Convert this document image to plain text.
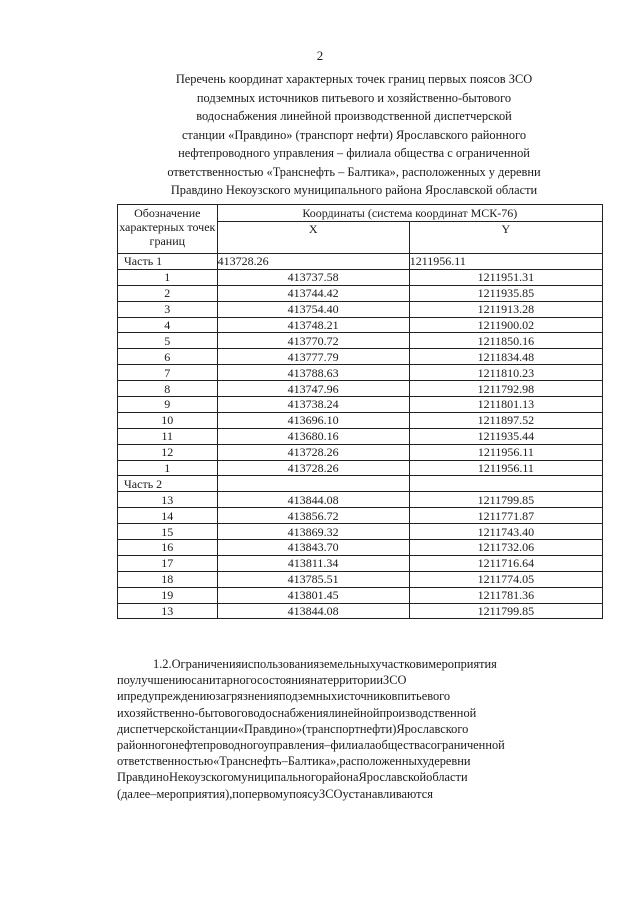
2
Перечень координат характерных точек границ первых поясов ЗСО
подземных источников питьевого и хозяйственно-бытового
водоснабжения линейной производственной диспетчерской
станции «Правдино» (транспорт нефти) Ярославского районного
нефтепроводного управления – филиала общества с ограниченной
ответственностью «Транснефть – Балтика», расположенных у деревни
Правдино Некоузского муниципального района Ярославской области
Обозначение характерных точек границ	Координаты (система координат МСК-76)	
	X	Y
Часть 1	413728.26	1211956.11
1	413737.58	1211951.31
2	413744.42	1211935.85
3	413754.40	1211913.28
4	413748.21	1211900.02
5	413770.72	1211850.16
6	413777.79	1211834.48
7	413788.63	1211810.23
8	413747.96	1211792.98
9	413738.24	1211801.13
10	413696.10	1211897.52
11	413680.16	1211935.44
12	413728.26	1211956.11
1	413728.26	1211956.11
Часть 2		
13	413844.08	1211799.85
14	413856.72	1211771.87
15	413869.32	1211743.40
16	413843.70	1211732.06
17	413811.34	1211716.64
18	413785.51	1211774.05
19	413801.45	1211781.36
13	413844.08	1211799.85
1.2.Ограниченияиспользованияземельныхучастковимероприятия
поулучшениюсанитарногосостояниянатерриторииЗСО
ипредупреждениюзагрязненияподземныхисточниковпитьевого
ихозяйственно-бытовоговодоснабжениялинейнойпроизводственной
диспетчерскойстанции«Правдино»(транспортнефти)Ярославского
районногонефтепроводногоуправления–филиалаобществасограниченной
ответственностью«Транснефть–Балтика»,расположенныхудеревни
ПравдиноНекоузскогомуниципальногорайонаЯрославскойобласти
(далее–мероприятия),попервомупоясуЗСОустанавливаются
